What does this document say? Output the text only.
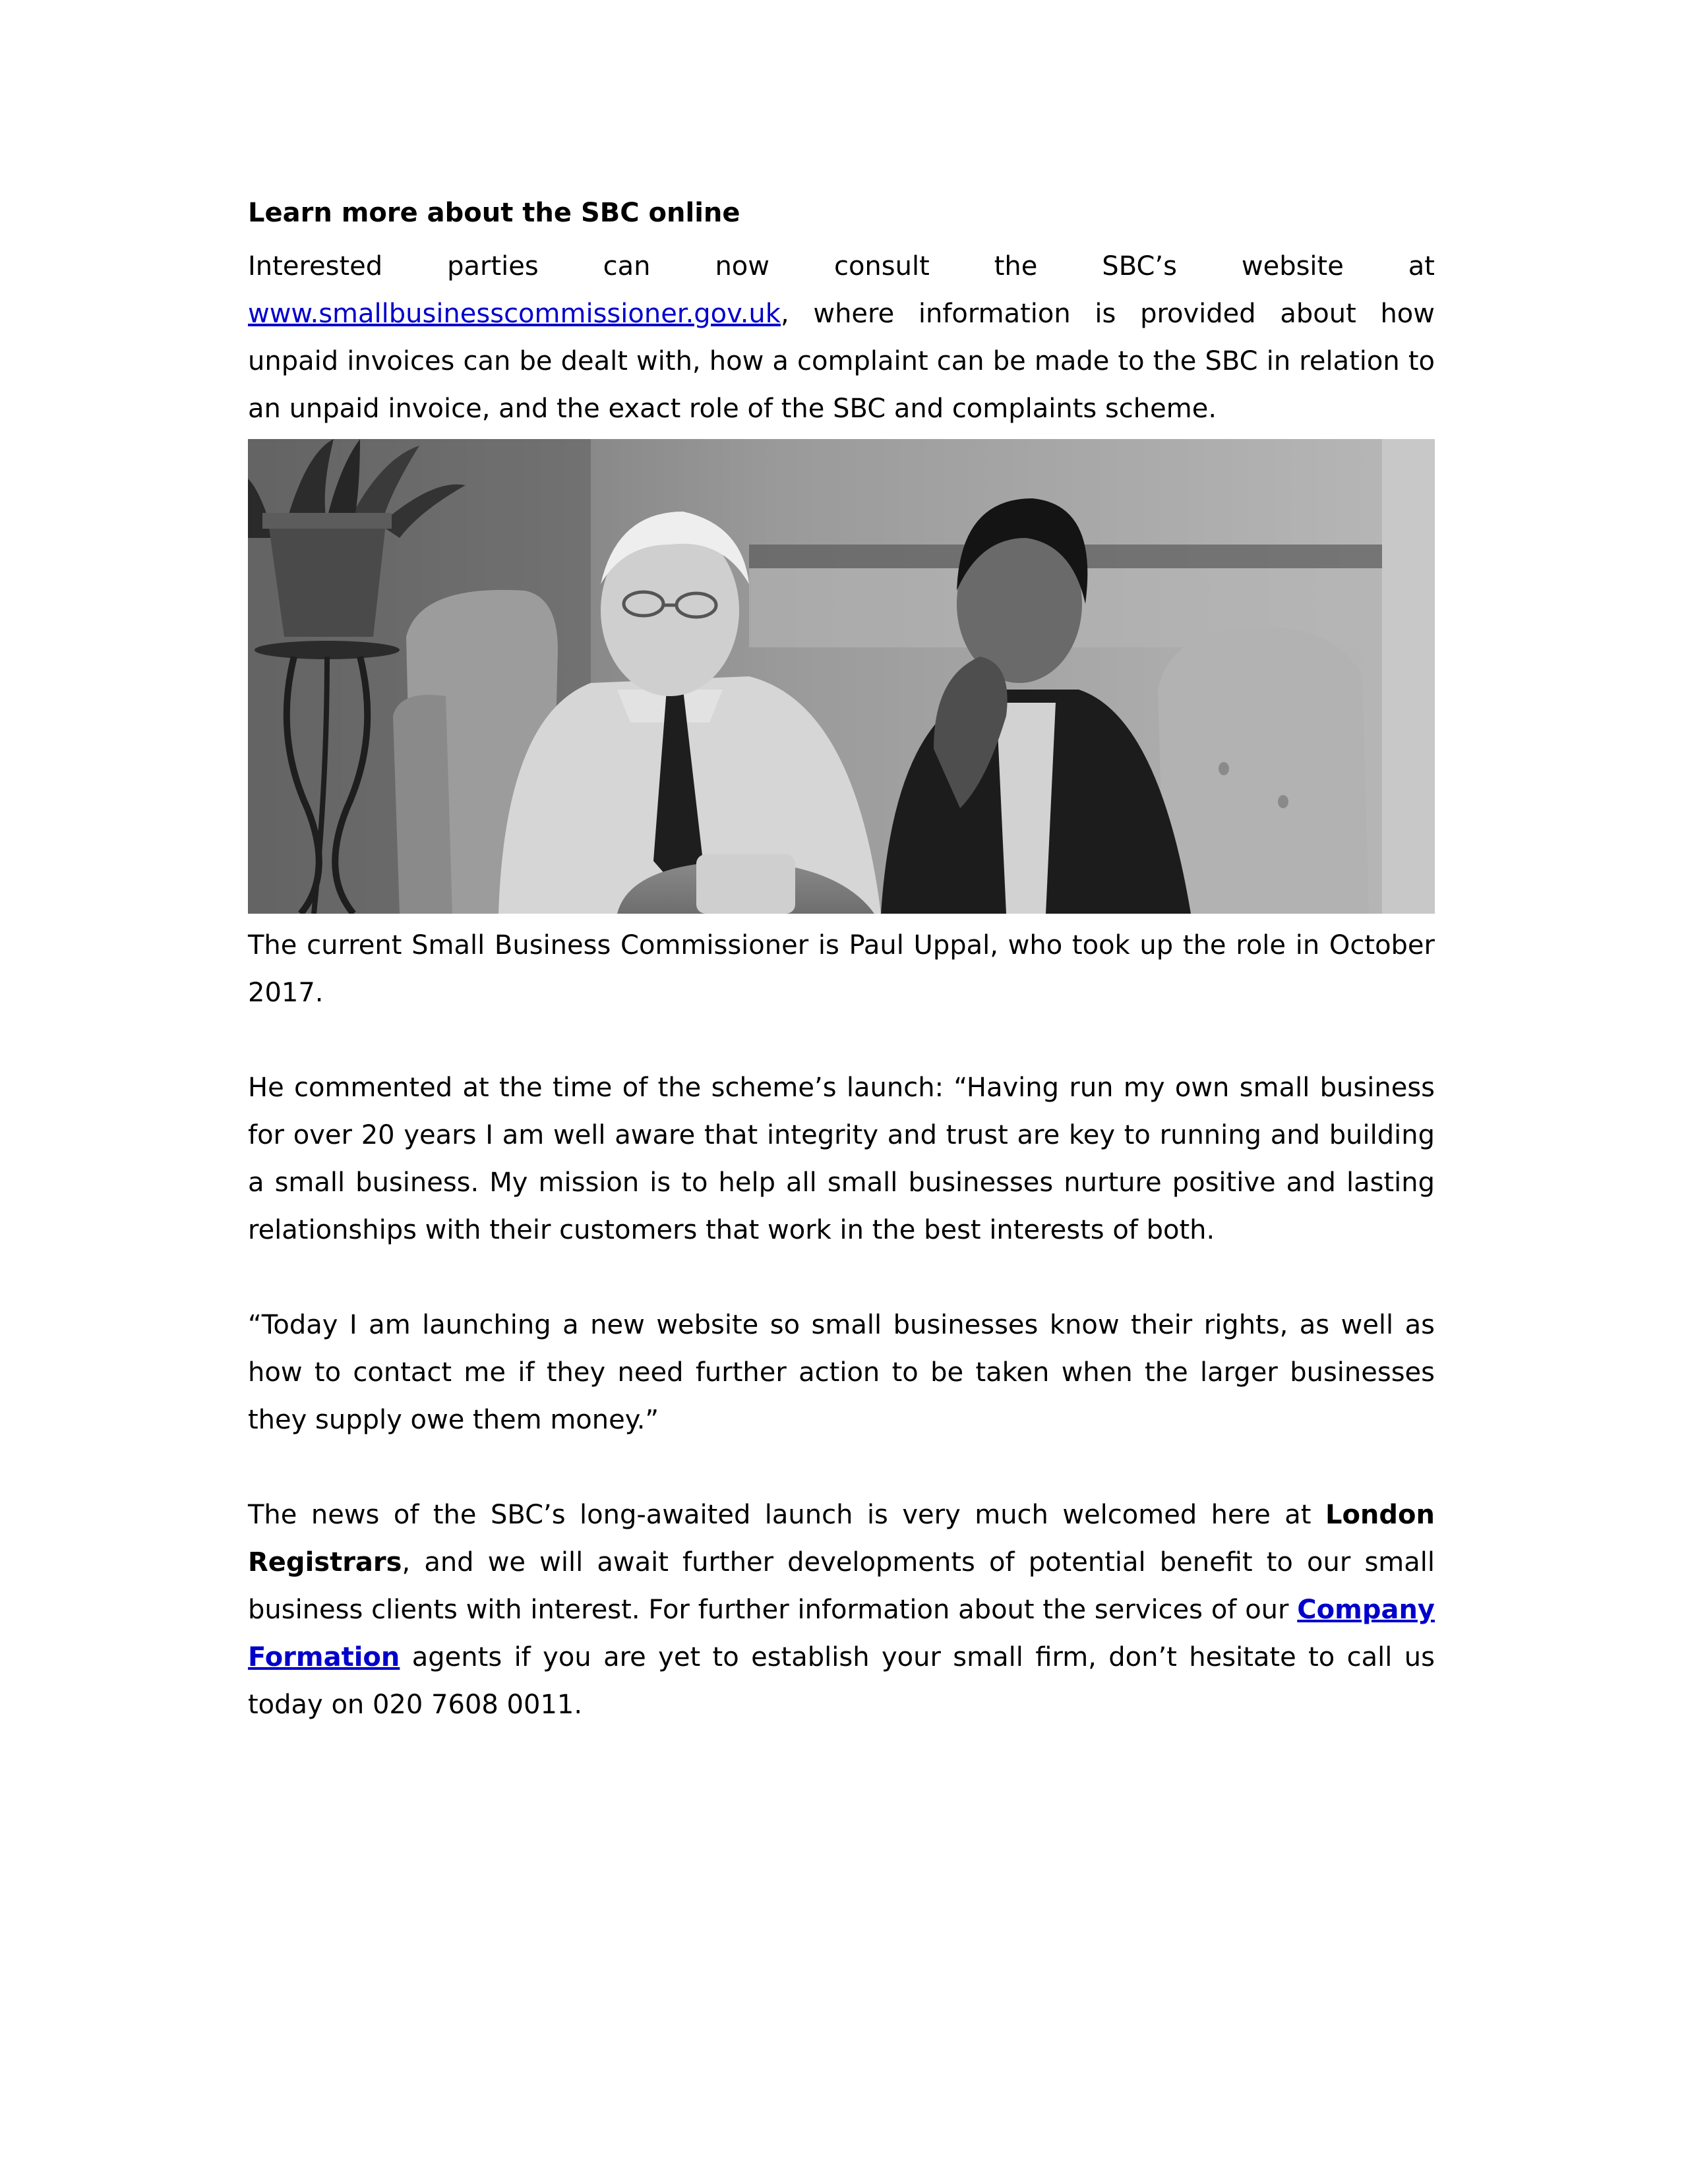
Learn more about the SBC online

Interested parties can now consult the SBC’s website at www.smallbusinesscommissioner.gov.uk, where information is provided about how unpaid invoices can be dealt with, how a complaint can be made to the SBC in relation to an unpaid invoice, and the exact role of the SBC and complaints scheme.

The current Small Business Commissioner is Paul Uppal, who took up the role in October 2017.

He commented at the time of the scheme’s launch: “Having run my own small business for over 20 years I am well aware that integrity and trust are key to running and building a small business. My mission is to help all small businesses nurture positive and lasting relationships with their customers that work in the best interests of both.

“Today I am launching a new website so small businesses know their rights, as well as how to contact me if they need further action to be taken when the larger businesses they supply owe them money.”

The news of the SBC’s long-awaited launch is very much welcomed here at London Registrars, and we will await further developments of potential benefit to our small business clients with interest. For further information about the services of our Company Formation agents if you are yet to establish your small firm, don’t hesitate to call us today on 020 7608 0011.
